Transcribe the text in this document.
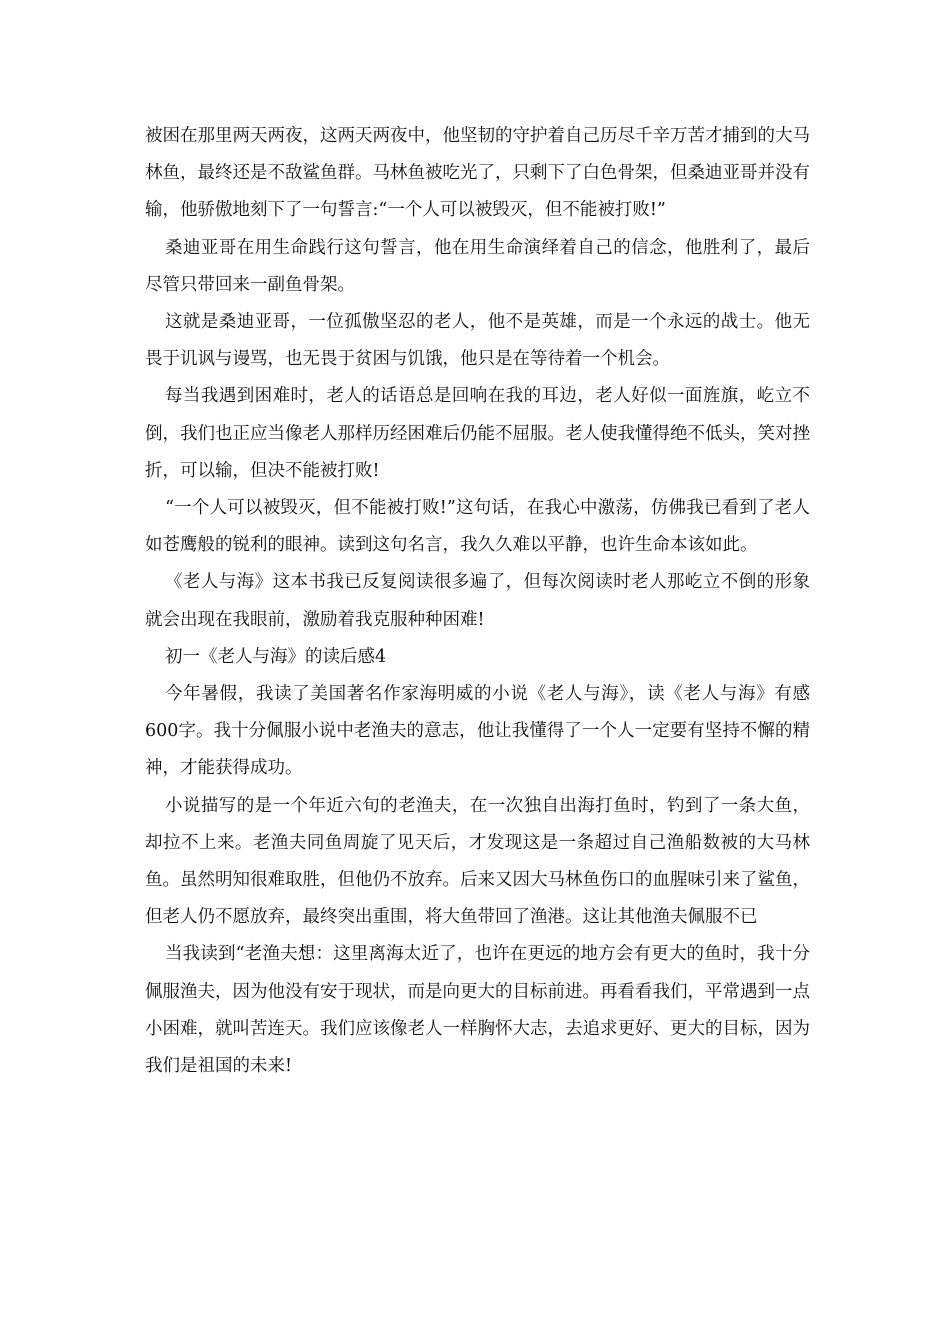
被困在那里两天两夜，这两天两夜中，他坚韧的守护着自己历尽千辛万苦才捕到的大马林鱼，最终还是不敌鲨鱼群。马林鱼被吃光了，只剩下了白色骨架，但桑迪亚哥并没有输，他骄傲地刻下了一句誓言:“一个人可以被毁灭，但不能被打败!”

桑迪亚哥在用生命践行这句誓言，他在用生命演绎着自己的信念，他胜利了，最后尽管只带回来一副鱼骨架。

这就是桑迪亚哥，一位孤傲坚忍的老人，他不是英雄，而是一个永远的战士。他无畏于讥讽与谩骂，也无畏于贫困与饥饿，他只是在等待着一个机会。

每当我遇到困难时，老人的话语总是回响在我的耳边，老人好似一面旌旗，屹立不倒，我们也正应当像老人那样历经困难后仍能不屈服。老人使我懂得绝不低头，笑对挫折，可以输，但决不能被打败!

“一个人可以被毁灭，但不能被打败!”这句话，在我心中激荡，仿佛我已看到了老人如苍鹰般的锐利的眼神。读到这句名言，我久久难以平静，也许生命本该如此。

《老人与海》这本书我已反复阅读很多遍了，但每次阅读时老人那屹立不倒的形象就会出现在我眼前，激励着我克服种种困难!

初一《老人与海》的读后感4

今年暑假，我读了美国著名作家海明威的小说《老人与海》，读《老人与海》有感600字。我十分佩服小说中老渔夫的意志，他让我懂得了一个人一定要有坚持不懈的精神，才能获得成功。

小说描写的是一个年近六旬的老渔夫，在一次独自出海打鱼时，钓到了一条大鱼，却拉不上来。老渔夫同鱼周旋了见天后，才发现这是一条超过自己渔船数被的大马林鱼。虽然明知很难取胜，但他仍不放弃。后来又因大马林鱼伤口的血腥味引来了鲨鱼，但老人仍不愿放弃，最终突出重围，将大鱼带回了渔港。这让其他渔夫佩服不已

当我读到“老渔夫想：这里离海太近了，也许在更远的地方会有更大的鱼时，我十分佩服渔夫，因为他没有安于现状，而是向更大的目标前进。再看看我们，平常遇到一点小困难，就叫苦连天。我们应该像老人一样胸怀大志，去追求更好、更大的目标，因为我们是祖国的未来!
